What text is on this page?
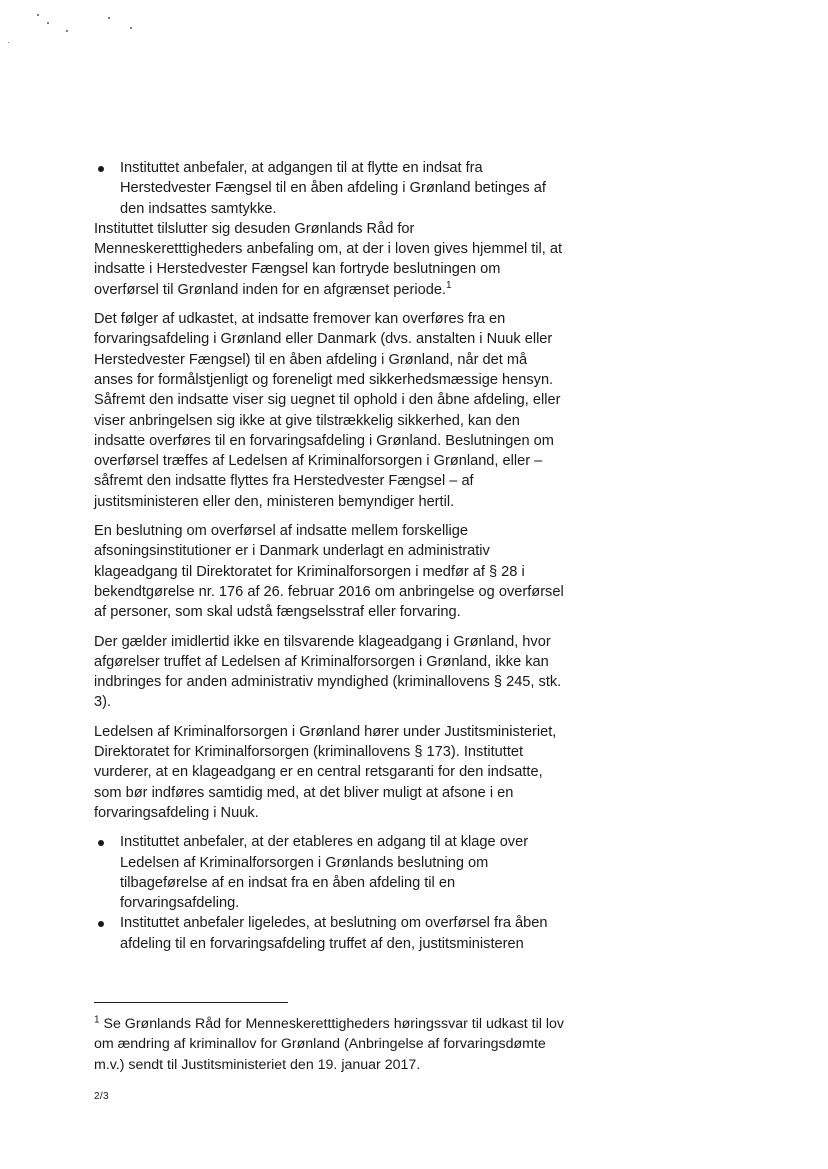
Instituttet anbefaler, at adgangen til at flytte en indsat fra Herstedvester Fængsel til en åben afdeling i Grønland betinges af den indsattes samtykke.

Instituttet tilslutter sig desuden Grønlands Råd for Menneskeretttigheders anbefaling om, at der i loven gives hjemmel til, at indsatte i Herstedvester Fængsel kan fortryde beslutningen om overførsel til Grønland inden for en afgrænset periode.$^1$

Det følger af udkastet, at indsatte fremover kan overføres fra en forvaringsafdeling i Grønland eller Danmark (dvs. anstalten i Nuuk eller Herstedvester Fængsel) til en åben afdeling i Grønland, når det må anses for formålstjenligt og foreneligt med sikkerhedsmæssige hensyn. Såfremt den indsatte viser sig uegnet til ophold i den åbne afdeling, eller viser anbringelsen sig ikke at give tilstrækkelig sikkerhed, kan den indsatte overføres til en forvaringsafdeling i Grønland. Beslutningen om overførsel træffes af Ledelsen af Kriminalforsorgen i Grønland, eller – såfremt den indsatte flyttes fra Herstedvester Fængsel – af justitsministeren eller den, ministeren bemyndiger hertil.

En beslutning om overførsel af indsatte mellem forskellige afsoningsinstitutioner er i Danmark underlagt en administrativ klageadgang til Direktoratet for Kriminalforsorgen i medfør af § 28 i bekendtgørelse nr. 176 af 26. februar 2016 om anbringelse og overførsel af personer, som skal udstå fængselsstraf eller forvaring.

Der gælder imidlertid ikke en tilsvarende klageadgang i Grønland, hvor afgørelser truffet af Ledelsen af Kriminalforsorgen i Grønland, ikke kan indbringes for anden administrativ myndighed (kriminallovens § 245, stk. 3).

Ledelsen af Kriminalforsorgen i Grønland hører under Justitsministeriet, Direktoratet for Kriminalforsorgen (kriminallovens § 173). Instituttet vurderer, at en klageadgang er en central retsgaranti for den indsatte, som bør indføres samtidig med, at det bliver muligt at afsone i en forvaringsafdeling i Nuuk.

Instituttet anbefaler, at der etableres en adgang til at klage over Ledelsen af Kriminalforsorgen i Grønlands beslutning om tilbageførelse af en indsat fra en åben afdeling til en forvaringsafdeling.
Instituttet anbefaler ligeledes, at beslutning om overførsel fra åben afdeling til en forvaringsafdeling truffet af den, justitsministeren
$^1$ Se Grønlands Råd for Menneskeretttigheders høringssvar til udkast til lov om ændring af kriminallov for Grønland (Anbringelse af forvaringsdømte m.v.) sendt til Justitsministeriet den 19. januar 2017.
2/3
